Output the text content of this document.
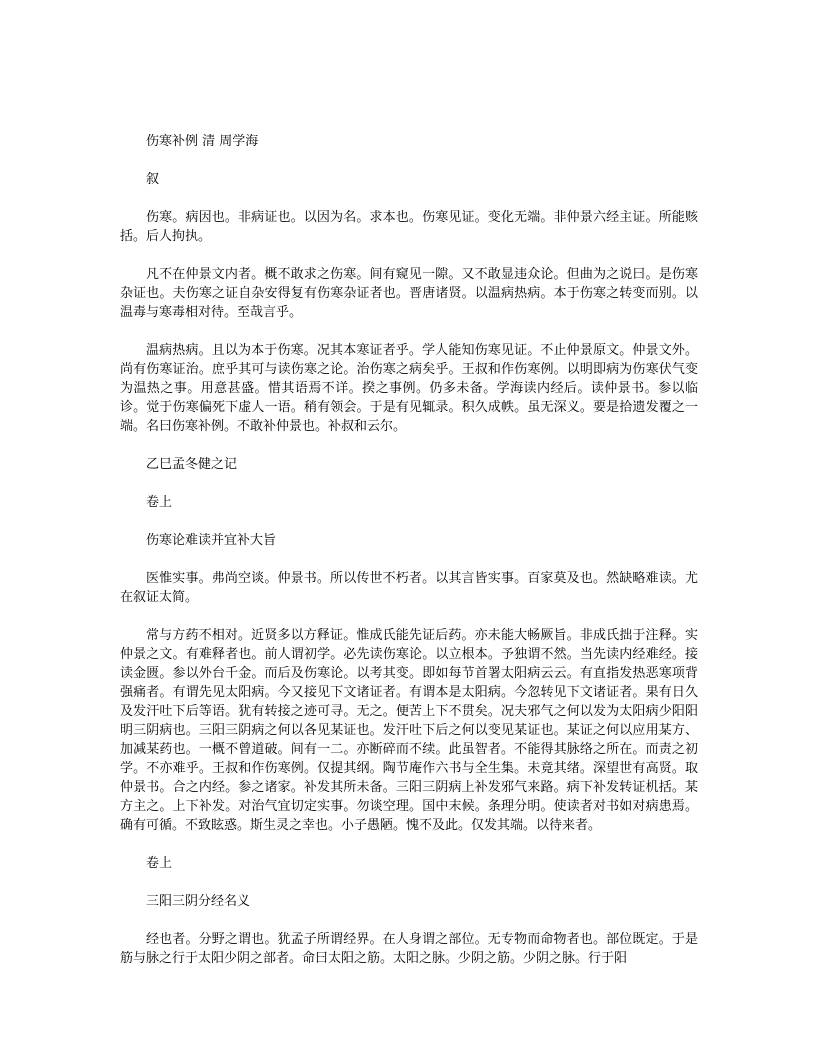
伤寒补例 清 周学海

叙

伤寒。病因也。非病证也。以因为名。求本也。伤寒见证。变化无端。非仲景六经主证。所能赅括。后人拘执。

凡不在仲景文内者。概不敢求之伤寒。间有窥见一隙。又不敢显违众论。但曲为之说曰。是伤寒杂证也。夫伤寒之证自杂安得复有伤寒杂证者也。晋唐诸贤。以温病热病。本于伤寒之转变而别。以温毒与寒毒相对待。至哉言乎。

温病热病。且以为本于伤寒。况其本寒证者乎。学人能知伤寒见证。不止仲景原文。仲景文外。尚有伤寒证治。庶乎其可与读伤寒之论。治伤寒之病矣乎。王叔和作伤寒例。以明即病为伤寒伏气变为温热之事。用意甚盛。惜其语焉不详。揆之事例。仍多未备。学海读内经后。读仲景书。参以临诊。觉于伤寒偏死下虚人一语。稍有领会。于是有见辄录。积久成帙。虽无深义。要是拾遗发覆之一端。名曰伤寒补例。不敢补仲景也。补叔和云尔。

乙巳孟冬健之记

卷上

伤寒论难读并宜补大旨

医惟实事。弗尚空谈。仲景书。所以传世不朽者。以其言皆实事。百家莫及也。然缺略难读。尤在叙证太简。

常与方药不相对。近贤多以方释证。惟成氏能先证后药。亦未能大畅厥旨。非成氏拙于注释。实仲景之文。有难释者也。前人谓初学。必先读伤寒论。以立根本。予独谓不然。当先读内经难经。接读金匮。参以外台千金。而后及伤寒论。以考其变。即如每节首署太阳病云云。有直指发热恶寒项背强痛者。有谓先见太阳病。今又接见下文诸证者。有谓本是太阳病。今忽转见下文诸证者。果有日久及发汗吐下后等语。犹有转接之迹可寻。无之。便苦上下不贯矣。况夫邪气之何以发为太阳病少阳阳明三阴病也。三阳三阴病之何以各见某证也。发汗吐下后之何以变见某证也。某证之何以应用某方、加减某药也。一概不曾道破。间有一二。亦断碎而不续。此虽智者。不能得其脉络之所在。而责之初学。不亦难乎。王叔和作伤寒例。仅提其纲。陶节庵作六书与全生集。未竟其绪。深望世有高贤。取仲景书。合之内经。参之诸家。补发其所未备。三阳三阴病上补发邪气来路。病下补发转证机括。某方主之。上下补发。对治气宜切定实事。勿谈空理。国中末候。条理分明。使读者对书如对病患焉。确有可循。不致眩惑。斯生灵之幸也。小子愚陋。愧不及此。仅发其端。以待来者。

卷上

三阳三阴分经名义

经也者。分野之谓也。犹孟子所谓经界。在人身谓之部位。无专物而命物者也。部位既定。于是筋与脉之行于太阳少阴之部者。命曰太阳之筋。太阳之脉。少阴之筋。少阴之脉。行于阳
